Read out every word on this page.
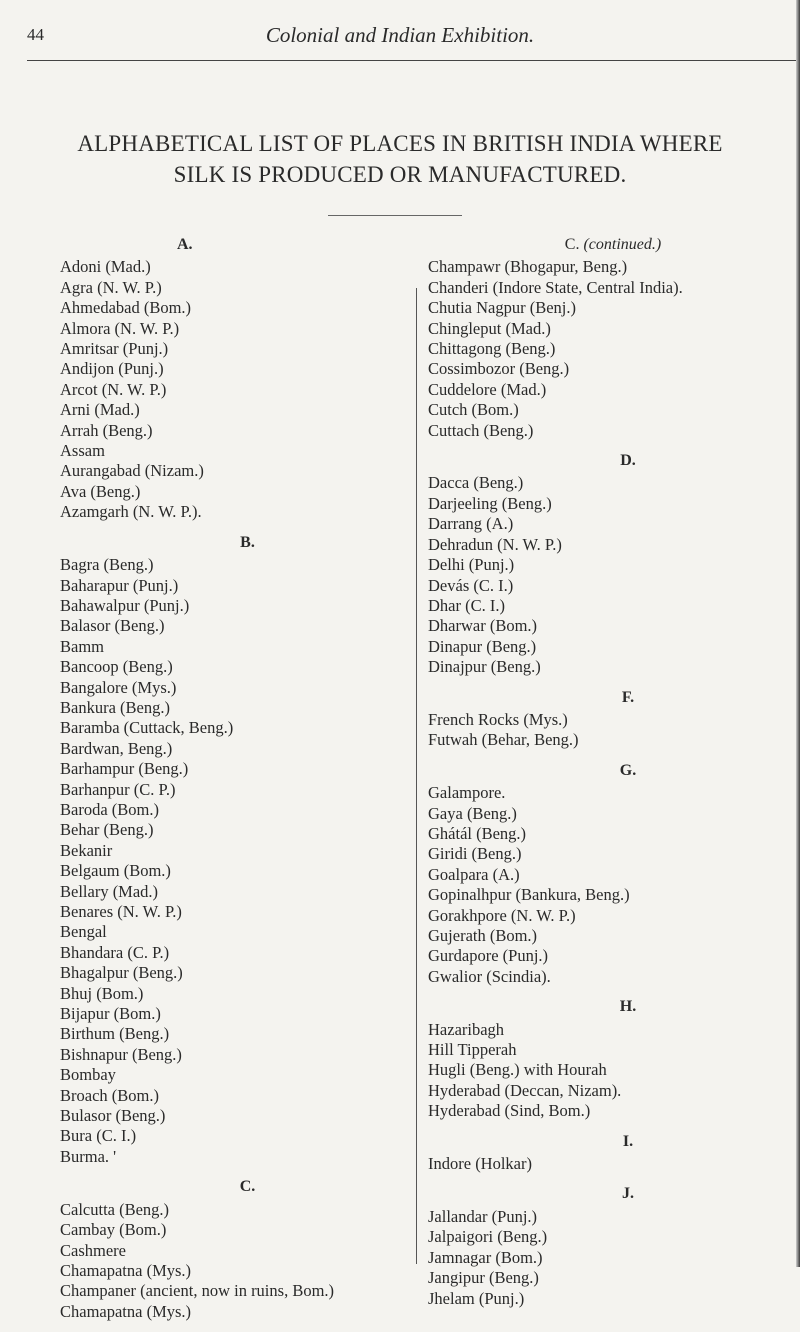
44	Colonial and Indian Exhibition.
ALPHABETICAL LIST OF PLACES IN BRITISH INDIA WHERE
SILK IS PRODUCED OR MANUFACTURED.
A.
Adoni (Mad.)
Agra (N. W. P.)
Ahmedabad (Bom.)
Almora (N. W. P.)
Amritsar (Punj.)
Andijon (Punj.)
Arcot (N. W. P.)
Arni (Mad.)
Arrah (Beng.)
Assam
Aurangabad (Nizam.)
Ava (Beng.)
Azamgarh (N. W. P.).
B.
Bagra (Beng.)
Baharapur (Punj.)
Bahawalpur (Punj.)
Balasor (Beng.)
Bamm
Bancoop (Beng.)
Bangalore (Mys.)
Bankura (Beng.)
Baramba (Cuttack, Beng.)
Bardwan, Beng.)
Barhampur (Beng.)
Barhanpur (C. P.)
Baroda (Bom.)
Behar (Beng.)
Bekanir
Belgaum (Bom.)
Bellary (Mad.)
Benares (N. W. P.)
Bengal
Bhandara (C. P.)
Bhagalpur (Beng.)
Bhuj (Bom.)
Bijapur (Bom.)
Birthum (Beng.)
Bishnapur (Beng.)
Bombay
Broach (Bom.)
Bulasor (Beng.)
Bura (C. I.)
Burma. '
C.
Calcutta (Beng.)
Cambay (Bom.)
Cashmere
Chamapatna (Mys.)
Champaner (ancient, now in ruins, Bom.)
Chamapatna (Mys.)
C. (continued.)
Champawr (Bhogapur, Beng.)
Chanderi (Indore State, Central India).
Chutia Nagpur (Benj.)
Chingleput (Mad.)
Chittagong (Beng.)
Cossimbozor (Beng.)
Cuddelore (Mad.)
Cutch (Bom.)
Cuttach (Beng.)
D.
Dacca (Beng.)
Darjeeling (Beng.)
Darrang (A.)
Dehradun (N. W. P.)
Delhi (Punj.)
Devás (C. I.)
Dhar (C. I.)
Dharwar (Bom.)
Dinapur (Beng.)
Dinajpur (Beng.)
F.
French Rocks (Mys.)
Futwah (Behar, Beng.)
G.
Galampore.
Gaya (Beng.)
Ghátál (Beng.)
Giridi (Beng.)
Goalpara (A.)
Gopinalhpur (Bankura, Beng.)
Gorakhpore (N. W. P.)
Gujerath (Bom.)
Gurdapore (Punj.)
Gwalior (Scindia).
H.
Hazaribagh
Hill Tipperah
Hugli (Beng.) with Hourah
Hyderabad (Deccan, Nizam).
Hyderabad (Sind, Bom.)
I.
Indore (Holkar)
J.
Jallandar (Punj.)
Jalpaigori (Beng.)
Jamnagar (Bom.)
Jangipur (Beng.)
Jhelam (Punj.)
